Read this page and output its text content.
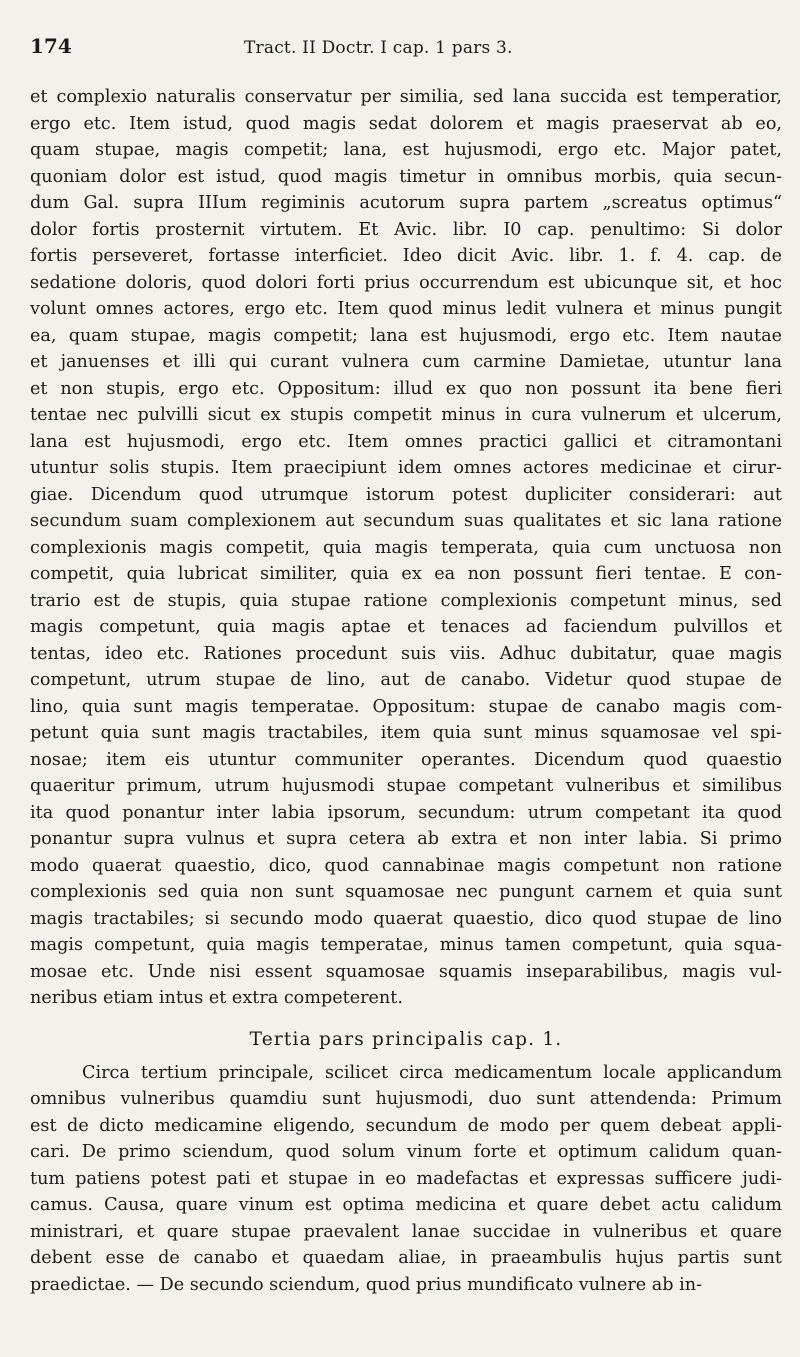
174	Tract. II Doctr. I cap. 1 pars 3.
et complexio naturalis conservatur per similia, sed lana succida est temperatior,
ergo etc. Item istud, quod magis sedat dolorem et magis praeservat ab eo,
quam stupae, magis competit; lana, est hujusmodi, ergo etc. Major patet,
quoniam dolor est istud, quod magis timetur in omnibus morbis, quia secun-
dum Gal. supra IIIum regiminis acutorum supra partem „screatus optimus“
dolor fortis prosternit virtutem. Et Avic. libr. I0 cap. penultimo: Si dolor
fortis perseveret, fortasse interficiet. Ideo dicit Avic. libr. 1. f. 4. cap. de
sedatione doloris, quod dolori forti prius occurrendum est ubicunque sit, et hoc
volunt omnes actores, ergo etc. Item quod minus ledit vulnera et minus pungit
ea, quam stupae, magis competit; lana est hujusmodi, ergo etc. Item nautae
et januenses et illi qui curant vulnera cum carmine Damietae, utuntur lana
et non stupis, ergo etc. Oppositum: illud ex quo non possunt ita bene fieri
tentae nec pulvilli sicut ex stupis competit minus in cura vulnerum et ulcerum,
lana est hujusmodi, ergo etc. Item omnes practici gallici et citramontani
utuntur solis stupis. Item praecipiunt idem omnes actores medicinae et cirur-
giae. Dicendum quod utrumque istorum potest dupliciter considerari: aut
secundum suam complexionem aut secundum suas qualitates et sic lana ratione
complexionis magis competit, quia magis temperata, quia cum unctuosa non
competit, quia lubricat similiter, quia ex ea non possunt fieri tentae. E con-
trario est de stupis, quia stupae ratione complexionis competunt minus, sed
magis competunt, quia magis aptae et tenaces ad faciendum pulvillos et
tentas, ideo etc. Rationes procedunt suis viis. Adhuc dubitatur, quae magis
competunt, utrum stupae de lino, aut de canabo. Videtur quod stupae de
lino, quia sunt magis temperatae. Oppositum: stupae de canabo magis com-
petunt quia sunt magis tractabiles, item quia sunt minus squamosae vel spi-
nosae; item eis utuntur communiter operantes. Dicendum quod quaestio
quaeritur primum, utrum hujusmodi stupae competant vulneribus et similibus
ita quod ponantur inter labia ipsorum, secundum: utrum competant ita quod
ponantur supra vulnus et supra cetera ab extra et non inter labia. Si primo
modo quaerat quaestio, dico, quod cannabinae magis competunt non ratione
complexionis sed quia non sunt squamosae nec pungunt carnem et quia sunt
magis tractabiles; si secundo modo quaerat quaestio, dico quod stupae de lino
magis competunt, quia magis temperatae, minus tamen competunt, quia squa-
mosae etc. Unde nisi essent squamosae squamis inseparabilibus, magis vul-
neribus etiam intus et extra competerent.
Tertia pars principalis cap. 1.
Circa tertium principale, scilicet circa medicamentum locale applicandum
omnibus vulneribus quamdiu sunt hujusmodi, duo sunt attendenda: Primum
est de dicto medicamine eligendo, secundum de modo per quem debeat appli-
cari. De primo sciendum, quod solum vinum forte et optimum calidum quan-
tum patiens potest pati et stupae in eo madefactas et expressas sufficere judi-
camus. Causa, quare vinum est optima medicina et quare debet actu calidum
ministrari, et quare stupae praevalent lanae succidae in vulneribus et quare
debent esse de canabo et quaedam aliae, in praeambulis hujus partis sunt
praedictae. — De secundo sciendum, quod prius mundificato vulnere ab in-
